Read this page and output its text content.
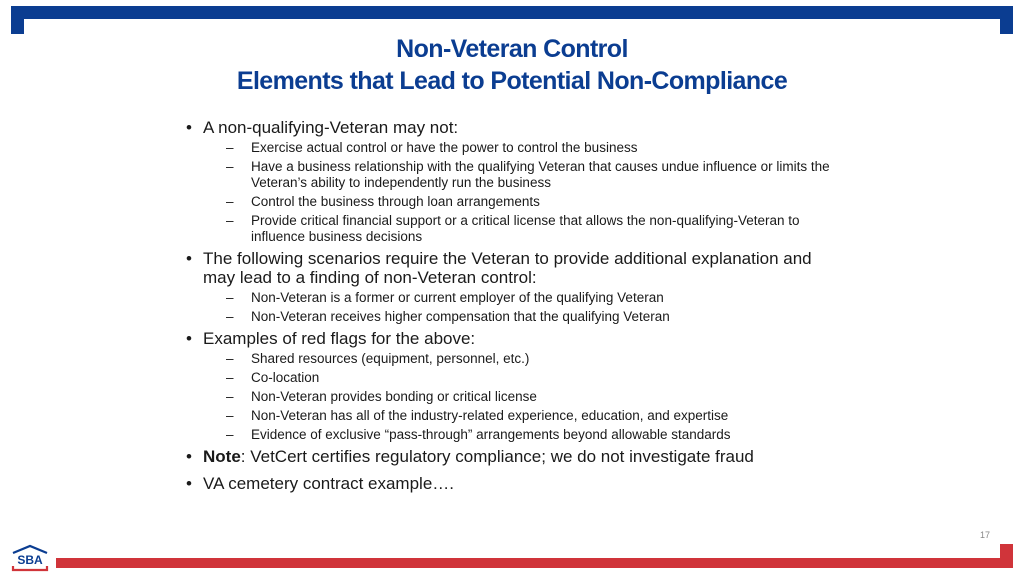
Non-Veteran Control
Elements that Lead to Potential Non-Compliance
• A non-qualifying-Veteran may not:
– Exercise actual control or have the power to control the business
– Have a business relationship with the qualifying Veteran that causes undue influence or limits the Veteran’s ability to independently run the business
– Control the business through loan arrangements
– Provide critical financial support or a critical license that allows the non-qualifying-Veteran to influence business decisions
• The following scenarios require the Veteran to provide additional explanation and may lead to a finding of non-Veteran control:
– Non-Veteran is a former or current employer of the qualifying Veteran
– Non-Veteran receives higher compensation that the qualifying Veteran
• Examples of red flags for the above:
– Shared resources (equipment, personnel, etc.)
– Co-location
– Non-Veteran provides bonding or critical license
– Non-Veteran has all of the industry-related experience, education, and expertise
– Evidence of exclusive “pass-through” arrangements beyond allowable standards
• Note: VetCert certifies regulatory compliance; we do not investigate fraud
• VA cemetery contract example….
17
SBA
